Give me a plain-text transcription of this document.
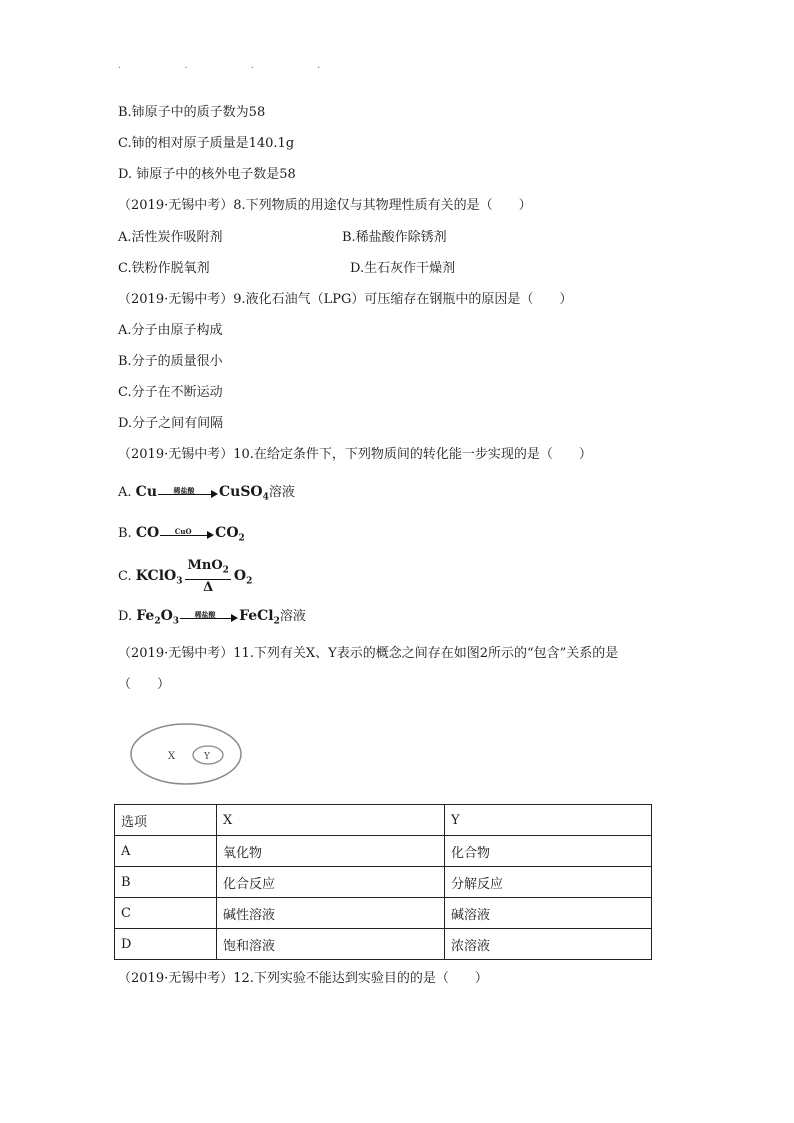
. . . .
B.铈原子中的质子数为58
C.铈的相对原子质量是140.1g
D. 铈原子中的核外电子数是58
（2019·无锡中考）8.下列物质的用途仅与其物理性质有关的是（　　）
A.活性炭作吸附剂	B.稀盐酸作除锈剂
C.铁粉作脱氧剂	D.生石灰作干燥剂
（2019·无锡中考）9.液化石油气（LPG）可压缩存在钢瓶中的原因是（　　）
A.分子由原子构成
B.分子的质量很小
C.分子在不断运动
D.分子之间有间隔
（2019·无锡中考）10.在给定条件下，下列物质间的转化能一步实现的是（　　）
A. Cu	稀盐酸	CuSO$_4$溶液
B. CO	CuO	$CO_2$
C. KClO$_3$ $\frac{MnO_2}{\Delta} O_2$
D. $Fe_2O_3$
稀盐酸	FeCl$_2$溶液
（2019·无锡中考）11.下列有关X、Y表示的概念之间存在如图2所示的“包含”关系的是
（　　）
X	Y
选项	X	Y
A	氧化物	化合物
B	化合反应	分解反应
C	碱性溶液	碱溶液
D	饱和溶液	浓溶液
（2019·无锡中考）12.下列实验不能达到实验目的的是（　　）
